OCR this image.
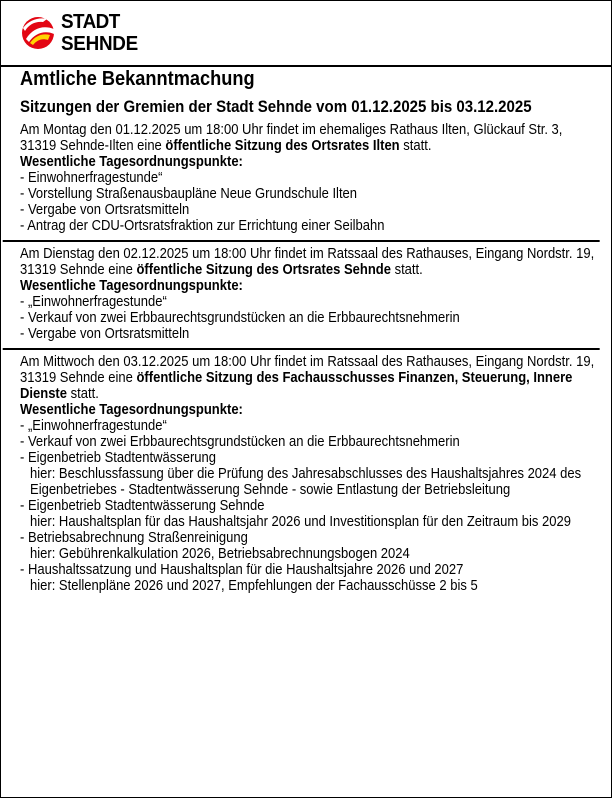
STADT
SEHNDE
Amtliche Bekanntmachung
Sitzungen der Gremien der Stadt Sehnde vom 01.12.2025 bis 03.12.2025

Am Montag den 01.12.2025 um 18:00 Uhr findet im ehemaliges Rathaus Ilten, Glückauf Str. 3, 31319 Sehnde-Ilten eine öffentliche Sitzung des Ortsrates Ilten statt.

Wesentliche Tagesordnungspunkte:
- Einwohnerfragestunde“
- Vorstellung Straßenausbaupläne Neue Grundschule Ilten
- Vergabe von Ortsratsmitteln
- Antrag der CDU-Ortsratsfraktion zur Errichtung einer Seilbahn

Am Dienstag den 02.12.2025 um 18:00 Uhr findet im Ratssaal des Rathauses, Eingang Nordstr. 19, 31319 Sehnde eine öffentliche Sitzung des Ortsrates Sehnde statt.

Wesentliche Tagesordnungspunkte:
- „Einwohnerfragestunde“
- Verkauf von zwei Erbbaurechtsgrundstücken an die Erbbaurechtsnehmerin
- Vergabe von Ortsratsmitteln

Am Mittwoch den 03.12.2025 um 18:00 Uhr findet im Ratssaal des Rathauses, Eingang Nordstr. 19, 31319 Sehnde eine öffentliche Sitzung des Fachausschusses Finanzen, Steuerung, Innere Dienste statt.

Wesentliche Tagesordnungspunkte:
- „Einwohnerfragestunde“
- Verkauf von zwei Erbbaurechtsgrundstücken an die Erbbaurechtsnehmerin
- Eigenbetrieb Stadtentwässerung
hier: Beschlussfassung über die Prüfung des Jahresabschlusses des Haushaltsjahres 2024 des Eigenbetriebes - Stadtentwässerung Sehnde - sowie Entlastung der Betriebsleitung
- Eigenbetrieb Stadtentwässerung Sehnde
hier: Haushaltsplan für das Haushaltsjahr 2026 und Investitionsplan für den Zeitraum bis 2029
- Betriebsabrechnung Straßenreinigung
hier: Gebührenkalkulation 2026, Betriebsabrechnungsbogen 2024
- Haushaltssatzung und Haushaltsplan für die Haushaltsjahre 2026 und 2027
hier: Stellenpläne 2026 und 2027, Empfehlungen der Fachausschüsse 2 bis 5
